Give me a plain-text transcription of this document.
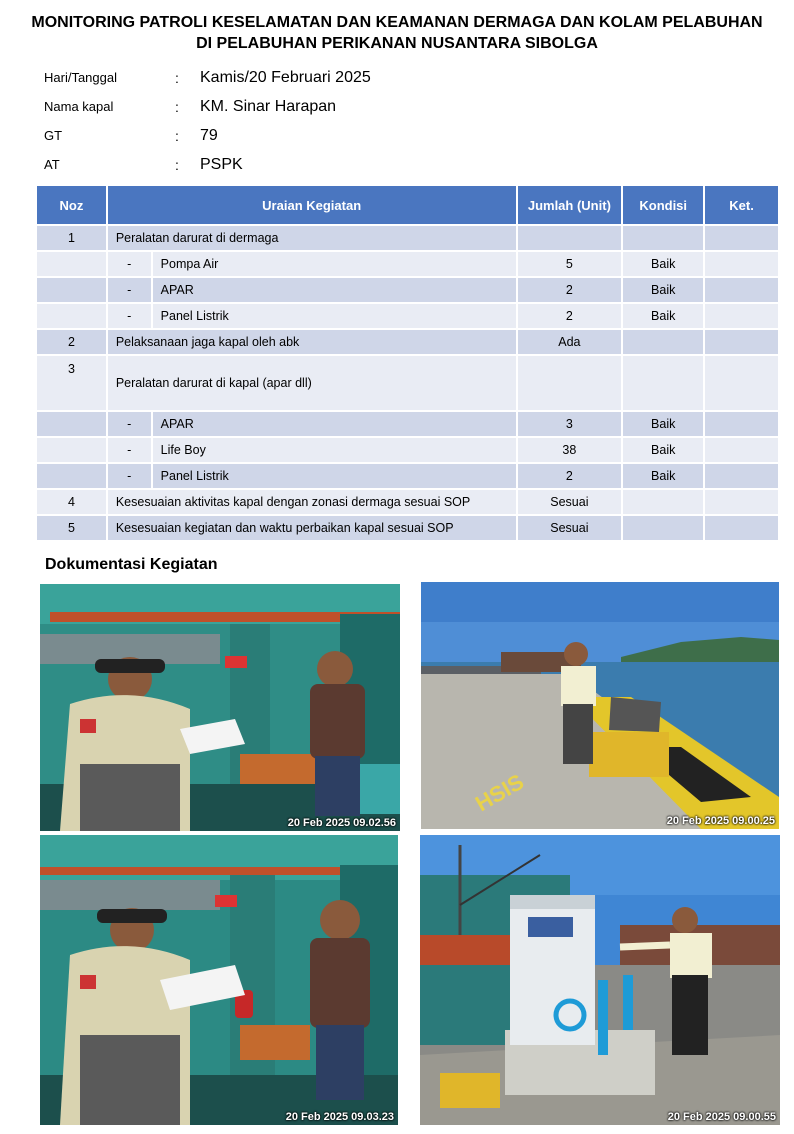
MONITORING PATROLI KESELAMATAN DAN KEAMANAN DERMAGA DAN KOLAM PELABUHAN
DI PELABUHAN PERIKANAN NUSANTARA SIBOLGA
Hari/Tanggal	: Kamis/20 Februari 2025
Nama kapal	: KM. Sinar Harapan
GT	: 79
AT	: PSPK
Noz	Uraian Kegiatan		Jumlah (Unit)	Kondisi	Ket.
1	Peralatan darurat di dermaga				
	-	Pompa Air	5	Baik	
	-	APAR	2	Baik	
	-	Panel Listrik	2	Baik	
2	Pelaksanaan jaga kapal oleh abk		Ada		
3	Peralatan darurat di kapal (apar dll)				
	-	APAR	3	Baik	
	-	Life Boy	38	Baik	
	-	Panel Listrik	2	Baik	
4	Kesesuaian aktivitas kapal dengan zonasi dermaga sesuai SOP		Sesuai		
5	Kesesuaian kegiatan dan waktu perbaikan kapal sesuai SOP		Sesuai		
Dokumentasi Kegiatan
20 Feb 2025 09.02.56
HSIS
20 Feb 2025 09.00.25
20 Feb 2025 09.03.23	20 Feb 2025 09.00.55
